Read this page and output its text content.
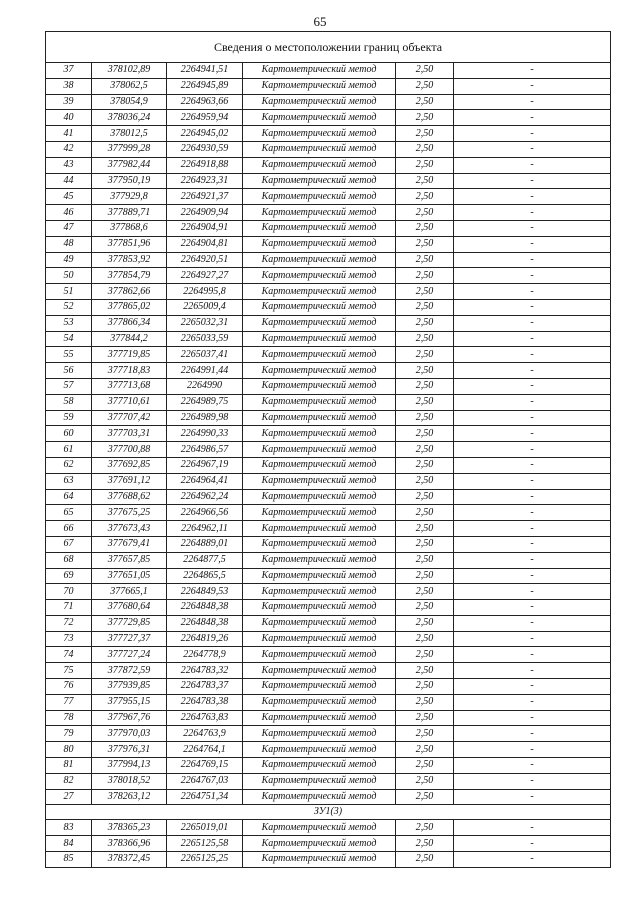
65
Сведения о местоположении границ объекта					
37	378102,89	2264941,51	Картометрический метод	2,50	-
38	378062,5	2264945,89	Картометрический метод	2,50	-
39	378054,9	2264963,66	Картометрический метод	2,50	-
40	378036,24	2264959,94	Картометрический метод	2,50	-
41	378012,5	2264945,02	Картометрический метод	2,50	-
42	377999,28	2264930,59	Картометрический метод	2,50	-
43	377982,44	2264918,88	Картометрический метод	2,50	-
44	377950,19	2264923,31	Картометрический метод	2,50	-
45	377929,8	2264921,37	Картометрический метод	2,50	-
46	377889,71	2264909,94	Картометрический метод	2,50	-
47	377868,6	2264904,91	Картометрический метод	2,50	-
48	377851,96	2264904,81	Картометрический метод	2,50	-
49	377853,92	2264920,51	Картометрический метод	2,50	-
50	377854,79	2264927,27	Картометрический метод	2,50	-
51	377862,66	2264995,8	Картометрический метод	2,50	-
52	377865,02	2265009,4	Картометрический метод	2,50	-
53	377866,34	2265032,31	Картометрический метод	2,50	-
54	377844,2	2265033,59	Картометрический метод	2,50	-
55	377719,85	2265037,41	Картометрический метод	2,50	-
56	377718,83	2264991,44	Картометрический метод	2,50	-
57	377713,68	2264990	Картометрический метод	2,50	-
58	377710,61	2264989,75	Картометрический метод	2,50	-
59	377707,42	2264989,98	Картометрический метод	2,50	-
60	377703,31	2264990,33	Картометрический метод	2,50	-
61	377700,88	2264986,57	Картометрический метод	2,50	-
62	377692,85	2264967,19	Картометрический метод	2,50	-
63	377691,12	2264964,41	Картометрический метод	2,50	-
64	377688,62	2264962,24	Картометрический метод	2,50	-
65	377675,25	2264966,56	Картометрический метод	2,50	-
66	377673,43	2264962,11	Картометрический метод	2,50	-
67	377679,41	2264889,01	Картометрический метод	2,50	-
68	377657,85	2264877,5	Картометрический метод	2,50	-
69	377651,05	2264865,5	Картометрический метод	2,50	-
70	377665,1	2264849,53	Картометрический метод	2,50	-
71	377680,64	2264848,38	Картометрический метод	2,50	-
72	377729,85	2264848,38	Картометрический метод	2,50	-
73	377727,37	2264819,26	Картометрический метод	2,50	-
74	377727,24	2264778,9	Картометрический метод	2,50	-
75	377872,59	2264783,32	Картометрический метод	2,50	-
76	377939,85	2264783,37	Картометрический метод	2,50	-
77	377955,15	2264783,38	Картометрический метод	2,50	-
78	377967,76	2264763,83	Картометрический метод	2,50	-
79	377970,03	2264763,9	Картометрический метод	2,50	-
80	377976,31	2264764,1	Картометрический метод	2,50	-
81	377994,13	2264769,15	Картометрический метод	2,50	-
82	378018,52	2264767,03	Картометрический метод	2,50	-
27	378263,12	2264751,34	Картометрический метод	2,50	-
ЗУ1(3)					
83	378365,23	2265019,01	Картометрический метод	2,50	-
84	378366,96	2265125,58	Картометрический метод	2,50	-
85	378372,45	2265125,25	Картометрический метод	2,50	-
